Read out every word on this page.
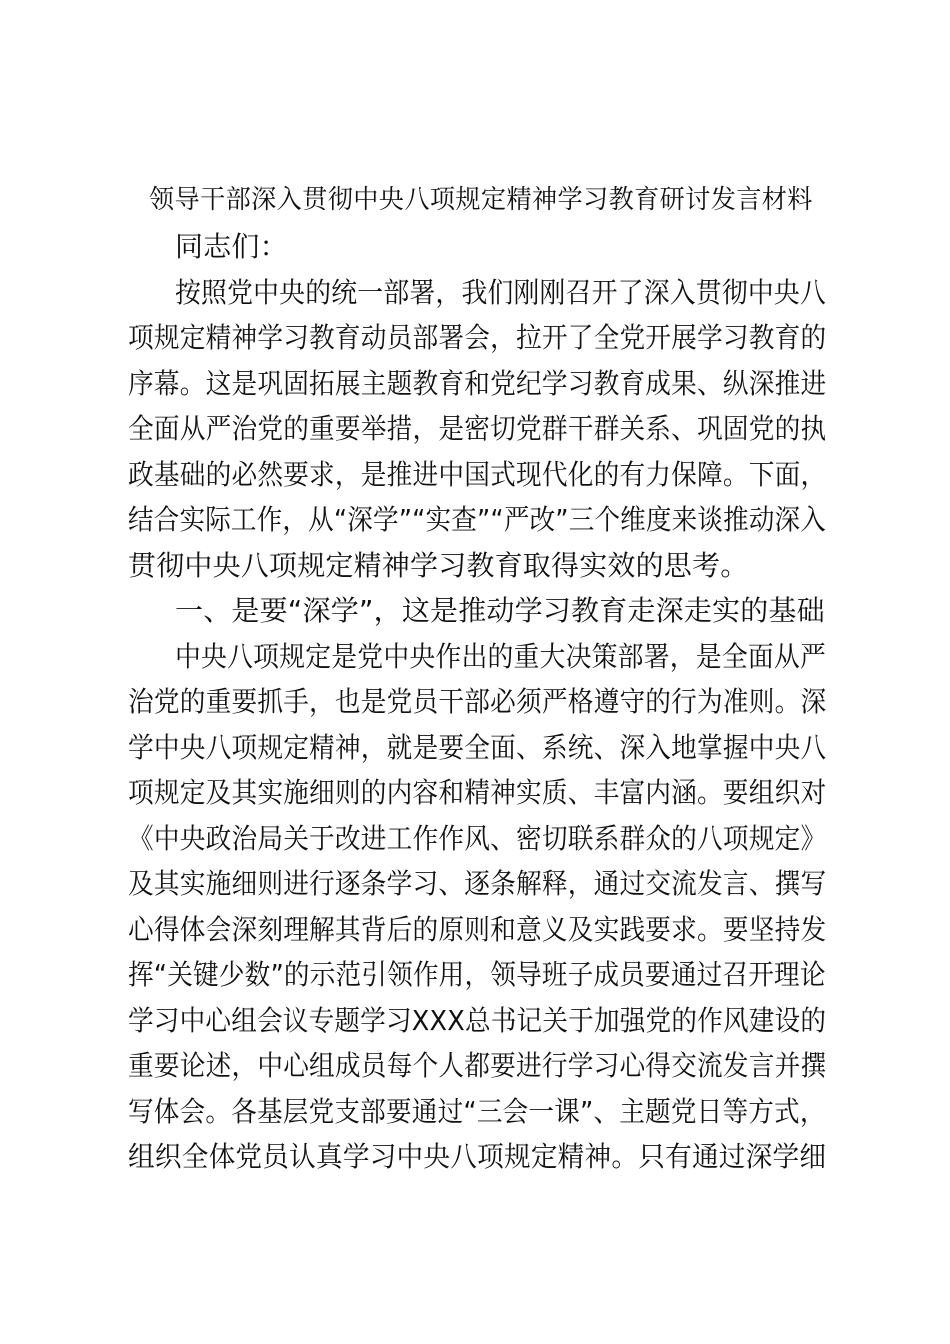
领导干部深入贯彻中央八项规定精神学习教育研讨发言材料
同志们：
按照党中央的统一部署，我们刚刚召开了深入贯彻中央八
项规定精神学习教育动员部署会，拉开了全党开展学习教育的
序幕。这是巩固拓展主题教育和党纪学习教育成果、纵深推进
全面从严治党的重要举措，是密切党群干群关系、巩固党的执
政基础的必然要求，是推进中国式现代化的有力保障。下面，
结合实际工作，从“深学”“实查”“严改”三个维度来谈推动深入
贯彻中央八项规定精神学习教育取得实效的思考。
一、是要“深学”，这是推动学习教育走深走实的基础
中央八项规定是党中央作出的重大决策部署，是全面从严
治党的重要抓手，也是党员干部必须严格遵守的行为准则。深
学中央八项规定精神，就是要全面、系统、深入地掌握中央八
项规定及其实施细则的内容和精神实质、丰富内涵。要组织对
《中央政治局关于改进工作作风、密切联系群众的八项规定》
及其实施细则进行逐条学习、逐条解释，通过交流发言、撰写
心得体会深刻理解其背后的原则和意义及实践要求。要坚持发
挥“关键少数”的示范引领作用，领导班子成员要通过召开理论
学习中心组会议专题学习XXX总书记关于加强党的作风建设的
重要论述，中心组成员每个人都要进行学习心得交流发言并撰
写体会。各基层党支部要通过“三会一课”、主题党日等方式，
组织全体党员认真学习中央八项规定精神。只有通过深学细
